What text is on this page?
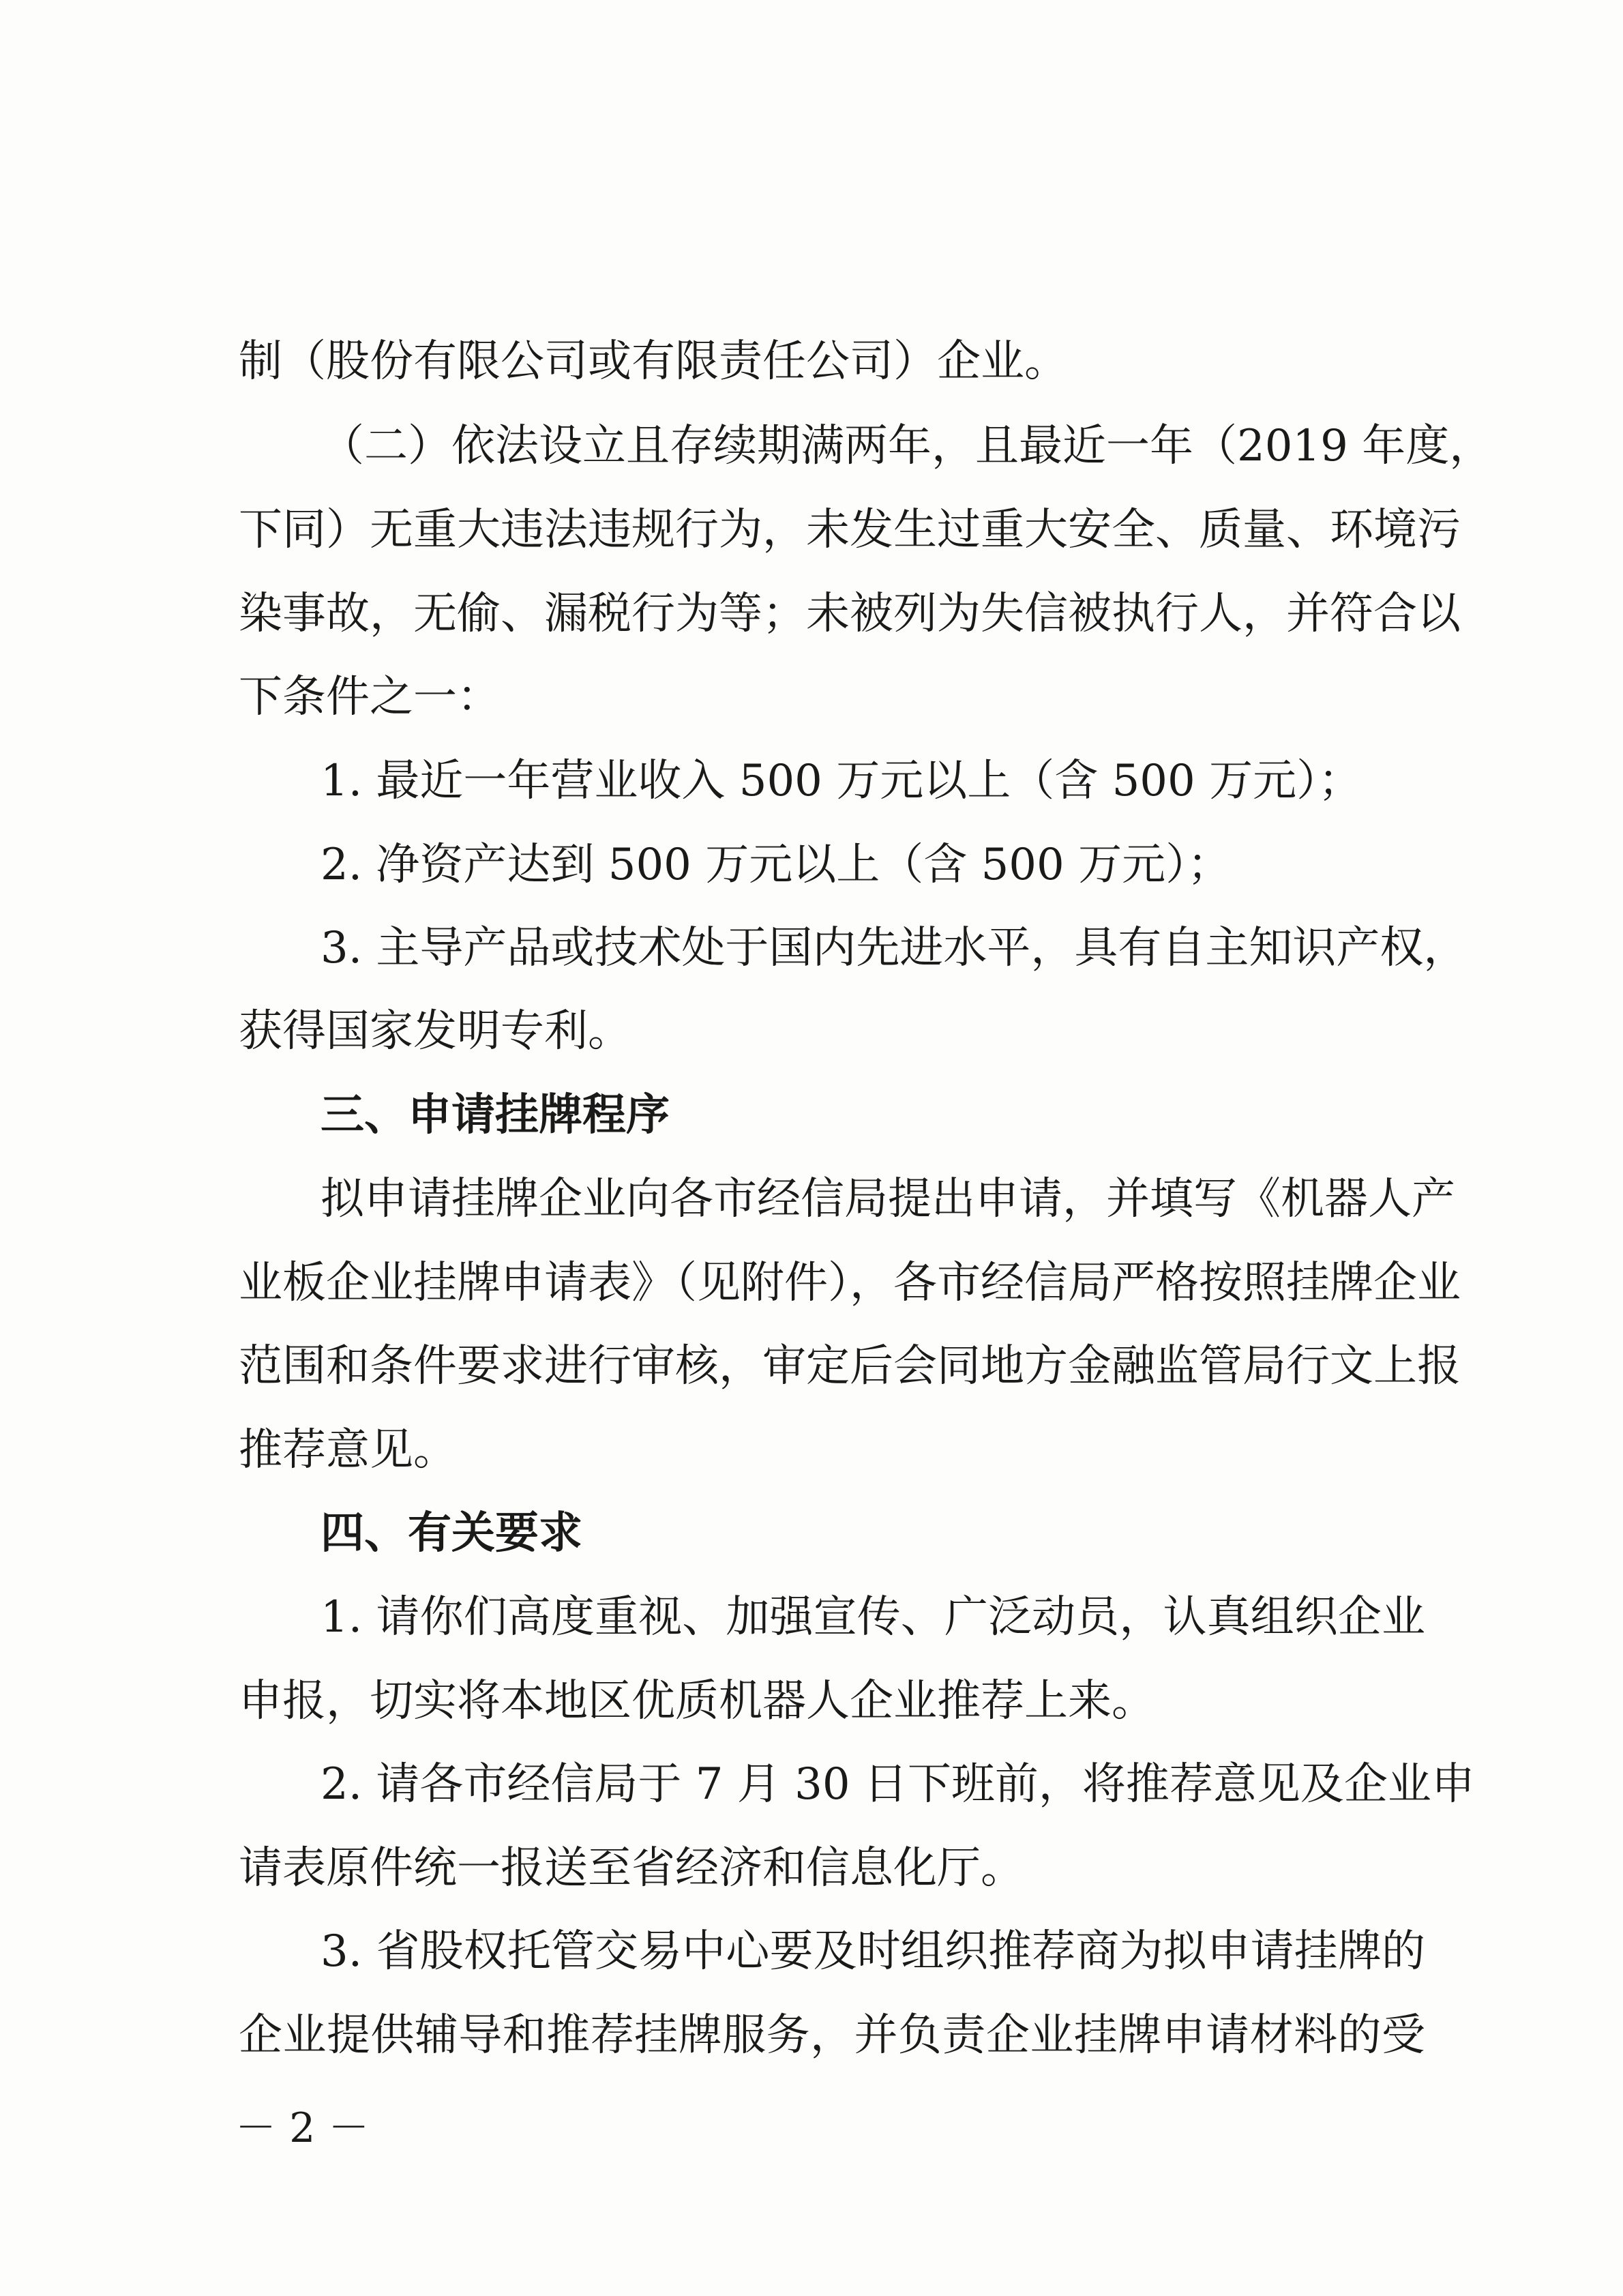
制（股份有限公司或有限责任公司）企业。
（二）依法设立且存续期满两年，且最近一年（2019 年度，
下同）无重大违法违规行为，未发生过重大安全、质量、环境污
染事故，无偷、漏税行为等；未被列为失信被执行人，并符合以
下条件之一：
1. 最近一年营业收入 500 万元以上（含 500 万元）；
2. 净资产达到 500 万元以上（含 500 万元）；
3. 主导产品或技术处于国内先进水平，具有自主知识产权，
获得国家发明专利。
三、申请挂牌程序
拟申请挂牌企业向各市经信局提出申请，并填写《机器人产
业板企业挂牌申请表》（见附件），各市经信局严格按照挂牌企业
范围和条件要求进行审核，审定后会同地方金融监管局行文上报
推荐意见。
四、有关要求
1. 请你们高度重视、加强宣传、广泛动员，认真组织企业
申报，切实将本地区优质机器人企业推荐上来。
2. 请各市经信局于 7 月 30 日下班前，将推荐意见及企业申
请表原件统一报送至省经济和信息化厅。
3. 省股权托管交易中心要及时组织推荐商为拟申请挂牌的
企业提供辅导和推荐挂牌服务，并负责企业挂牌申请材料的受
－ 2 －
